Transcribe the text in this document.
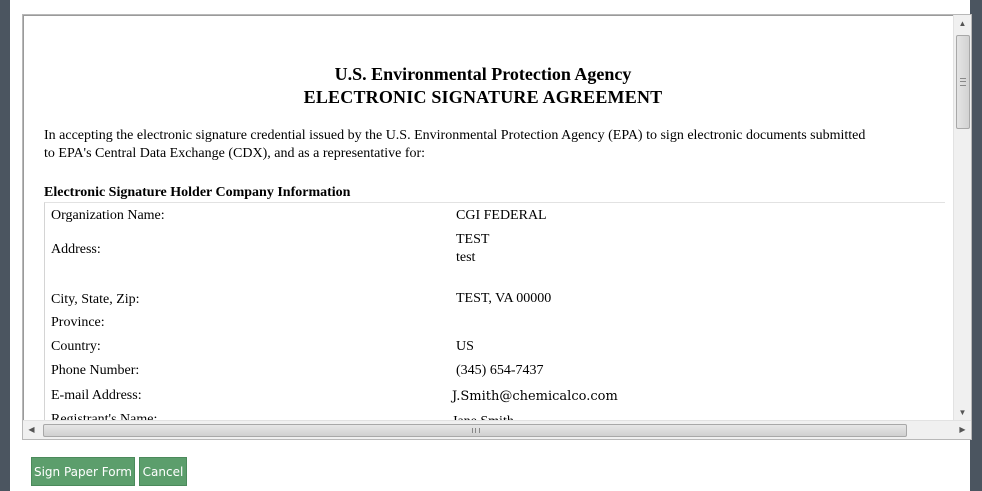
U.S. Environmental Protection Agency
ELECTRONIC SIGNATURE AGREEMENT
In accepting the electronic signature credential issued by the U.S. Environmental Protection Agency (EPA) to sign electronic documents submitted
to EPA's Central Data Exchange (CDX), and as a representative for:
Electronic Signature Holder Company Information
Organization Name:	CGI FEDERAL
Address:
TEST
test
City, State, Zip:	TEST, VA 00000
Province:
Country:	US
Phone Number:	(345) 654-7437
E-mail Address:	J.Smith@chemicalco.com
▲
▼
◀	▶
Sign Paper Form Cancel
